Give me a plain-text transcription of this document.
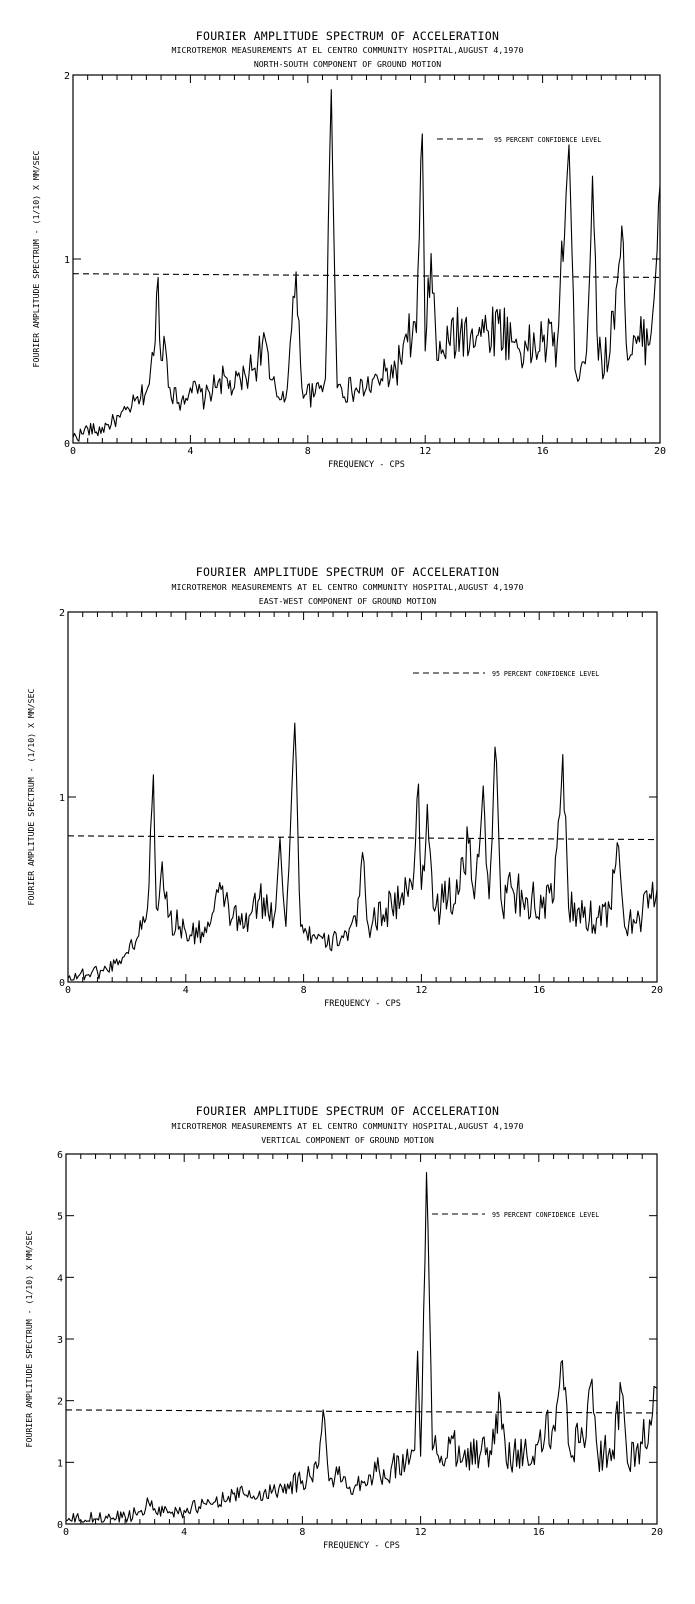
FOURIER AMPLITUDE SPECTRUM OF ACCELERATION
MICROTREMOR MEASUREMENTS AT EL CENTRO COMMUNITY HOSPITAL,AUGUST 4,1970
NORTH-SOUTH COMPONENT OF GROUND MOTION
0	4	8	12	16	20
0
1
2
FREQUENCY - CPS
FOURIER AMPLITUDE SPECTRUM - (1/10) X MM/SEC
95 PERCENT CONFIDENCE LEVEL
FOURIER AMPLITUDE SPECTRUM OF ACCELERATION
MICROTREMOR MEASUREMENTS AT EL CENTRO COMMUNITY HOSPITAL,AUGUST 4,1970
EAST-WEST COMPONENT OF GROUND MOTION
0	4	8	12	16	20
0
1
2
FREQUENCY - CPS
FOURIER AMPLITUDE SPECTRUM - (1/10) X MM/SEC
95 PERCENT CONFIDENCE LEVEL
FOURIER AMPLITUDE SPECTRUM OF ACCELERATION
MICROTREMOR MEASUREMENTS AT EL CENTRO COMMUNITY HOSPITAL,AUGUST 4,1970
VERTICAL COMPONENT OF GROUND MOTION
0	4	8	12	16	20
0
1
2
3
4
5
6
FREQUENCY - CPS
FOURIER AMPLITUDE SPECTRUM - (1/10) X MM/SEC
95 PERCENT CONFIDENCE LEVEL
